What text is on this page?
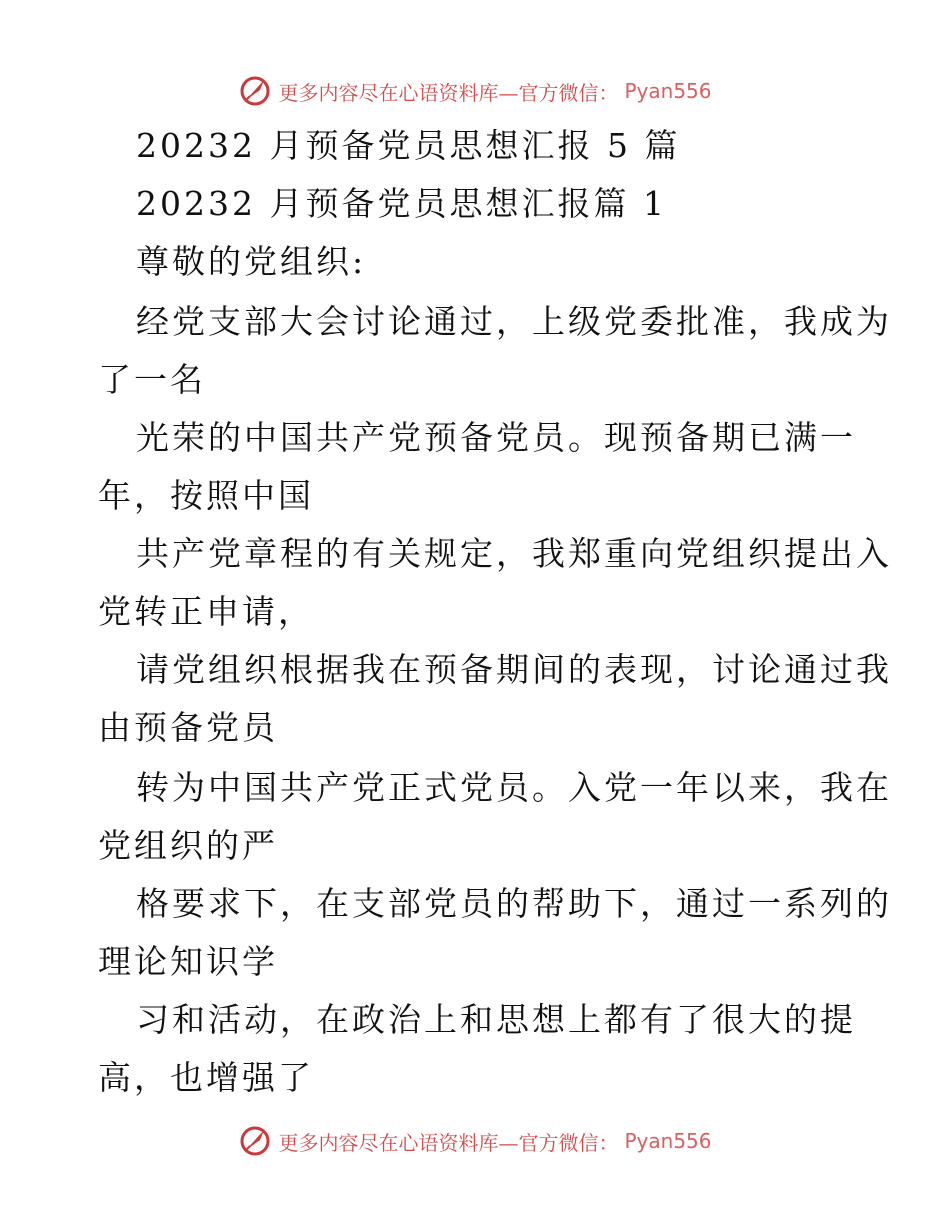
更多内容尽在心语资料库—官方微信： Pyan556
20232 月预备党员思想汇报 5 篇
20232 月预备党员思想汇报篇 1
尊敬的党组织:
经党支部大会讨论通过，上级党委批准，我成为
了一名
光荣的中国共产党预备党员。现预备期已满一
年，按照中国
共产党章程的有关规定，我郑重向党组织提出入
党转正申请，
请党组织根据我在预备期间的表现，讨论通过我
由预备党员
转为中国共产党正式党员。入党一年以来，我在
党组织的严
格要求下，在支部党员的帮助下，通过一系列的
理论知识学
习和活动，在政治上和思想上都有了很大的提
高，也增强了
更多内容尽在心语资料库—官方微信： Pyan556
